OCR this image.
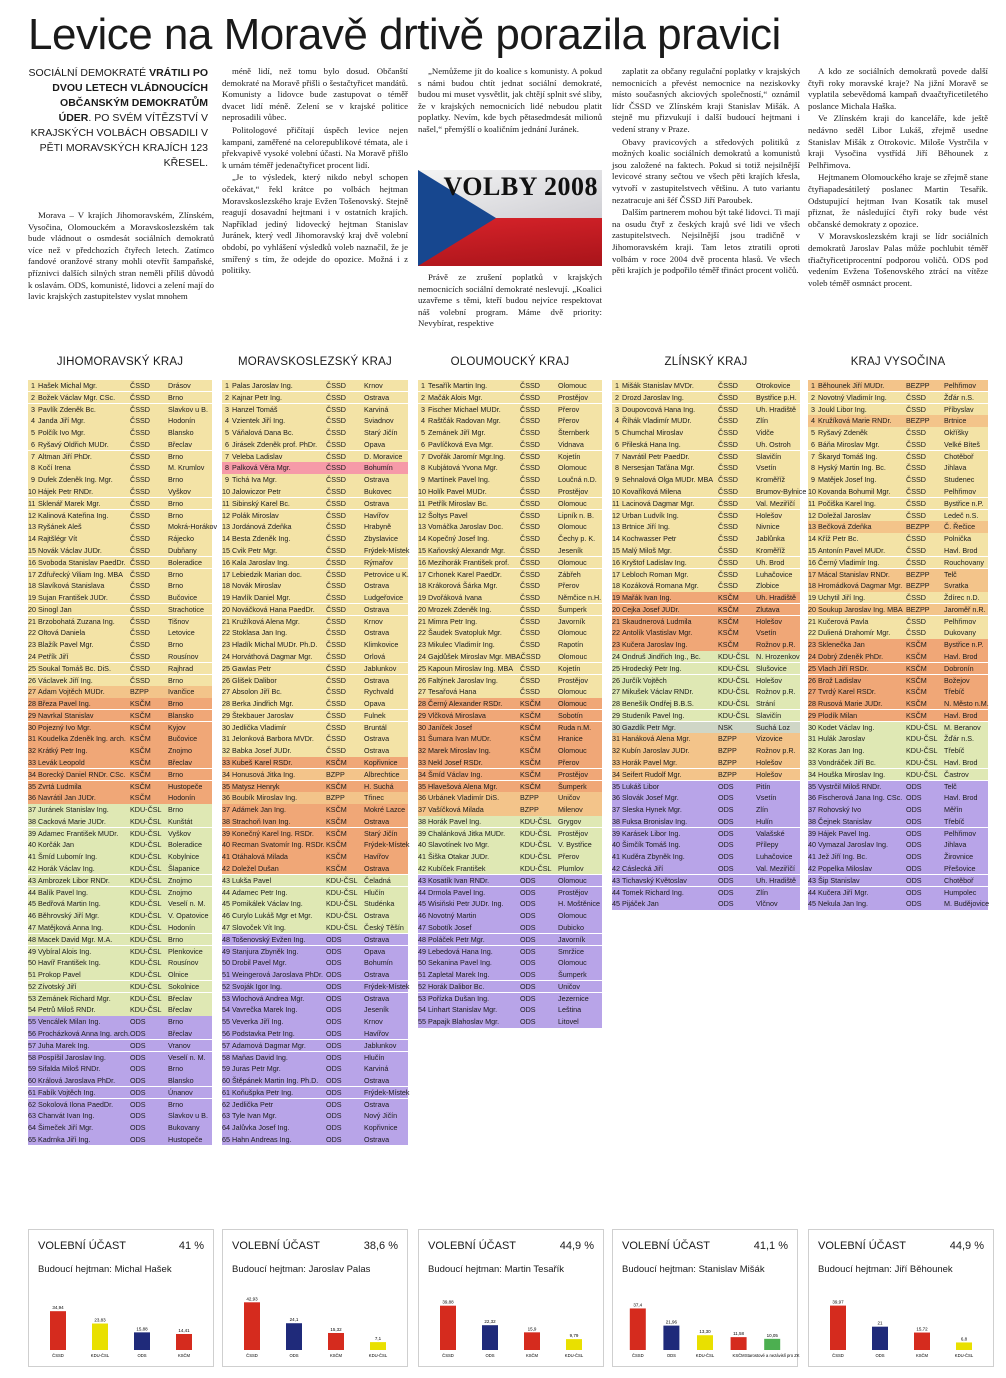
Levice na Moravě drtivě porazila pravici
SOCIÁLNÍ DEMOKRATÉ VRÁTILI PO DVOU LETECH VLÁDNOUCÍCH OBČANSKÝM DEMOKRATŮM ÚDER. PO SVÉM VÍTĚZSTVÍ V KRAJSKÝCH VOLBÁCH OBSADILI V PĚTI MORAVSKÝCH KRAJÍCH 123 KŘESEL.

Morava – V krajích Jihomoravském, Zlínském, Vysočina, Olomouckém a Moravskoslezském tak bude vládnout o osmdesát sociálních demokratů více než v předchozích čtyřech letech. Zatímco fandové oranžové strany mohli otevřít šampaňské, příznivci dalších silných stran neměli příliš důvodů k oslavám. ODS, komunisté, lidovci a zelení mají do lavic krajských zastupitelstev vyslat mnohem

méně lidí, než tomu bylo dosud. Občanští demokraté na Moravě přišli o šestačtyřicet mandátů. Komunisty a lidovce bude zastupovat o téměř dvacet lidí méně. Zelení se v krajské politice neprosadili vůbec.

Politologové přičítají úspěch levice nejen kampani, zaměřené na celorepublikové témata, ale i překvapivě vysoké volební účasti. Na Moravě přišlo k urnám téměř jedenačtyřicet procent lidí.

„Je to výsledek, který nikdo nebyl schopen očekávat,“ řekl krátce po volbách hejtman Moravskoslezského kraje Evžen Tošenovský. Stejně reagují dosavadní hejtmani i v ostatních krajích. Například jediný lidovecký hejtman Stanislav Juránek, který vedl Jihomoravský kraj dvě volební období, po vyhlášení výsledků voleb naznačil, že je smířený s tím, že odejde do opozice. Možná i z politiky.

„Nemůžeme jít do koalice s komunisty. A pokud s námi budou chtít jednat sociální demokraté, budou mi muset vysvětlit, jak chtějí splnit své sliby, že v krajských nemocnicích lidé nebudou platit poplatky. Nevím, kde bych pětasedmdesát milionů našel,“ přemýšlí o koaličním jednání Juránek.

VOLBY 2008

Právě ze zrušení poplatků v krajských nemocnicích sociální demokraté neslevují. „Koalici uzavřeme s těmi, kteří budou nejvíce respektovat náš volební program. Máme dvě priority: Nevybírat, respektive

zaplatit za občany regulační poplatky v krajských nemocnicích a převést nemocnice na neziskovky místo současných akciových společností,“ oznámil lídr ČSSD ve Zlínském kraji Stanislav Mišák. A stejně mu přizvukují i další budoucí hejtmani i vedení strany v Praze.

Obavy pravicových a středových politiků z možných koalic sociálních demokratů a komunistů jsou založené na faktech. Pokud si totiž nejsilnější levicové strany sečtou ve všech pěti krajích křesla, vytvoří v zastupitelstvech většinu. A tuto variantu nezatracuje ani šéf ČSSD Jiří Paroubek.

Dalším partnerem mohou být také lidovci. Ti mají na osudu čtyř z českých krajů své lidi ve všech zastupitelstvech. Nejsilnější jsou tradičně v Jihomoravském kraji. Tam letos ztratili oproti volbám v roce 2004 dvě procenta hlasů. Ve všech pěti krajích je podpořilo téměř třináct procent voličů.

A kdo ze sociálních demokratů povede další čtyři roky moravské kraje? Na jižní Moravě se vyplatila sebevědomá kampaň dvaačtyřicetiletého poslance Michala Haška.

Ve Zlínském kraji do kanceláře, kde ještě nedávno seděl Libor Lukáš, zřejmě usedne Stanislav Mišák z Otrokovic. Miloše Vystrčila v kraji Vysočina vystřídá Jiří Běhounek z Pelhřimova.

Hejtmanem Olomouckého kraje se zřejmě stane čtyřiapadesátiletý poslanec Martin Tesařík. Odstupující hejtman Ivan Kosatík tak musel přiznat, že následující čtyři roky bude vést občanské demokraty z opozice.

V Moravskoslezském kraji se lídr sociálních demokratů Jaroslav Palas může pochlubit téměř třiačtyřicetiprocentní podporou voličů. ODS pod vedením Evžena Tošenovského ztrácí na vítěze voleb téměř osmnáct procent.

JIHOMORAVSKÝ KRAJ
1 Hašek Michal Mgr.	ČSSD	Drásov
2 Božek Václav Mgr. CSc.	ČSSD	Brno
3 Pavlík Zdeněk Bc.	ČSSD	Slavkov u B.
4 Janda Jiří Mgr.	ČSSD	Hodonín
5 Polčík Ivo Mgr.	ČSSD	Blansko
6 Ryšavý Oldřich MUDr.	ČSSD	Břeclav
7 Altman Jiří PhDr.	ČSSD	Brno
8 Kočí Irena	ČSSD	M. Krumlov
9 Dufek Zdeněk Ing. Mgr.	ČSSD	Brno
10 Hájek Petr RNDr.	ČSSD	Vyškov
11 Sklenář Marek Mgr.	ČSSD	Brno
12 Kalinová Kateřina Ing.	ČSSD	Brno
13 Ryšánek Aleš	ČSSD	Mokrá-Horákov
14 Rajtšlégr Vít	ČSSD	Rájecko
15 Novák Václav JUDr.	ČSSD	Dubňany
16 Svoboda Stanislav PaedDr. ČSSD	Boleradice
17 Zdřuřecký Viliam Ing. MBA ČSSD	Brno
18 Slavíková Stanislava	ČSSD	Brno
19 Sujan František JUDr.	ČSSD	Bučovice
20 Sinogl Jan	ČSSD	Strachotice
21 Brzobohatá Zuzana Ing.	ČSSD	Tišnov
22 Oltová Daniela	ČSSD	Letovice
23 Blažík Pavel Mgr.	ČSSD	Brno
24 Petřík Jiří	ČSSD	Rousínov
25 Soukal Tomáš Bc. DiS.	ČSSD	Rajhrad
26 Václavek Jiří Ing.	ČSSD	Brno
27 Adam Vojtěch MUDr.	BZPP	Ivančice
28 Březa Pavel Ing.	KSČM	Brno
29 Navrkal Stanislav	KSČM	Blansko
30 Pojezný Ivo Mgr.	KSČM	Kyjov
31 Koudelka Zdeněk Ing. arch. KSČM	Bučovice
32 Krátký Petr Ing.	KSČM	Znojmo
33 Levák Leopold	KSČM	Břeclav
34 Borecký Daniel RNDr. CSc. KSČM	Brno
35 Zvrtá Ludmila	KSČM	Hustopeče
36 Navrátil Jan JUDr.	KSČM	Hodonín
37 Juránek Stanislav Ing.	KDU-ČSL Brno
38 Cacková Marie JUDr.	KDU-ČSL Kunštát
39 Adamec František MUDr.	KDU-ČSL Vyškov
40 Korčák Jan	KDU-ČSL Boleradice
41 Šmíd Lubomír Ing.	KDU-ČSL Kobylnice
42 Horák Václav Ing.	KDU-ČSL Šlapanice
43 Ambrozek Libor RNDr.	KDU-ČSL Znojmo
44 Balík Pavel Ing.	KDU-ČSL Znojmo
45 Bedřová Martin Ing.	KDU-ČSL Veselí n. M.
46 Běhrovský Jiří Mgr.	KDU-ČSL V. Opatovice
47 Matějková Anna Ing.	KDU-ČSL Hodonín
48 Macek David Mgr. M.A.	KDU-ČSL Brno
49 Vybíral Alois Ing.	KDU-ČSL Plenkovice
50 Havíř František Ing.	KDU-ČSL Rousínov
51 Prokop Pavel	KDU-ČSL Olnice
52 Zívotský Jiří	KDU-ČSL Sokolnice
53 Zemánek Richard Mgr.	KDU-ČSL Břeclav
54 Petrů Miloš RNDr.	KDU-ČSL Břeclav
55 Vencálek Milan Ing.	ODS	Brno
56 Procházková Anna Ing. arch. ODS	Břeclav
57 Juha Marek Ing.	ODS	Vranov
58 Pospíšil Jaroslav Ing.	ODS	Veselí n. M.
59 Sifalda Miloš RNDr.	ODS	Brno
60 Králová Jaroslava PhDr.	ODS	Blansko
61 Fabík Vojtěch Ing.	ODS	Únanov
62 Sokolová Ilona PaedDr.	ODS	Brno
63 Chanvát Ivan Ing.	ODS	Slavkov u B.
64 Šimeček Jiří Mgr.	ODS	Bukovany
65 Kadrnka Jiří Ing.	ODS	Hustopeče
MORAVSKOSLEZSKÝ KRAJ
1 Palas Jaroslav Ing.	ČSSD	Krnov
2 Kajnar Petr Ing.	ČSSD	Ostrava
3 Hanzel Tomáš	ČSSD	Karviná
4 Vzientek Jiří Ing.	ČSSD	Sviadnov
5 Váňalová Dana Bc.	ČSSD	Starý Jičín
6 Jirásek Zdeněk prof. PhDr.	ČSSD	Opava
7 Veleba Ladislav	ČSSD	D. Moravice
8 Palková Věra Mgr.	ČSSD	Bohumín
9 Tichá Iva Mgr.	ČSSD	Ostrava
10 Jalowiczor Petr	ČSSD	Bukovec
11 Sibinský Karel Bc.	ČSSD	Ostrava
12 Polák Miroslav	ČSSD	Havířov
13 Jordánová Zdeňka	ČSSD	Hrabyně
14 Besta Zdeněk Ing.	ČSSD	Zbyslavice
15 Cvik Petr Mgr.	ČSSD	Frýdek-Místek
16 Kala Jaroslav Ing.	ČSSD	Rýmařov
17 Lebiedzik Marian doc.	ČSSD	Petrovice u K.
18 Novák Miroslav	ČSSD	Ostrava
19 Havlík Daniel Mgr.	ČSSD	Ludgeřovice
20 Nováčková Hana PaedDr.	ČSSD	Ostrava
21 Kružíková Alena Mgr.	ČSSD	Krnov
22 Stoklasa Jan Ing.	ČSSD	Ostrava
23 Hladík Michal MUDr. Ph.D.	ČSSD	Klimkovice
24 Horváthová Dagmar Mgr.	ČSSD	Orlová
25 Gawlas Petr	ČSSD	Jablunkov
26 Glišek Dalibor	ČSSD	Ostrava
27 Absolon Jiří Bc.	ČSSD	Rychvald
28 Berka Jindřich Mgr.	ČSSD	Opava
29 Štekbauer Jaroslav	ČSSD	Fulnek
30 Jedlička Vladimír	ČSSD	Bruntál
31 Jelonková Barbora MVDr.	ČSSD	Ostrava
32 Babka Josef JUDr.	ČSSD	Ostrava
33 Kubeš Karel RSDr.	KSČM	Kopřivnice
34 Honusová Jitka Ing.	BZPP	Albrechtice
35 Matysz Henryk	KSČM	H. Suchá
36 Boubík Miroslav Ing.	BZPP	Třinec
37 Adámek Jan Ing.	KSČM	Mokré Lazce
38 Strachoň Ivan Ing.	KSČM	Ostrava
39 Konečný Karel Ing. RSDr.	KSČM	Starý Jičín
40 Recman Svatomír Ing. RSDr. KSČM	Frýdek-Místek
41 Otáhalová Milada	KSČM	Havířov
42 Doležel Dušan	KSČM	Ostrava
43 Lukša Pavel	KDU-ČSL Čeladná
44 Adamec Petr Ing.	KDU-ČSL Hlučín
45 Pomikálek Václav Ing.	KDU-ČSL Studénka
46 Curylo Lukáš Mgr et Mgr.	KDU-ČSL Ostrava
47 Slovoček Vít Ing.	KDU-ČSL Český Těšín
48 Tošenovský Evžen Ing.	ODS	Ostrava
49 Stanjura Zbyněk Ing.	ODS	Opava
50 Drobil Pavel Mgr.	ODS	Bohumín
51 Weingerová Jaroslava PhDr. ODS	Ostrava
52 Svoják Igor Ing.	ODS	Frýdek-Místek
53 Wlochová Andrea Mgr.	ODS	Ostrava
54 Vavrečka Marek Ing.	ODS	Jeseník
55 Veverka Jiří Ing.	ODS	Krnov
56 Podstavka Petr Ing.	ODS	Havířov
57 Adamová Dagmar Mgr.	ODS	Jablunkov
58 Maňas David Ing.	ODS	Hlučín
59 Juras Petr Mgr.	ODS	Karviná
60 Štěpánek Martin Ing. Ph.D.	ODS	Ostrava
61 Koňušpka Petr Ing.	ODS	Frýdek-Místek
62 Jedlička Petr	ODS	Ostrava
63 Tyle Ivan Mgr.	ODS	Nový Jičín
64 Jalůvka Josef Ing.	ODS	Kopřivnice
65 Hahn Andreas Ing.	ODS	Ostrava
OLOUMOUCKÝ KRAJ
1 Tesařík Martin Ing.	ČSSD	Olomouc
2 Mačák Alois Mgr.	ČSSD	Prostějov
3 Fischer Michael MUDr.	ČSSD	Přerov
4 Raštčák Radovan Mgr.	ČSSD	Přerov
5 Zemánek Jiří Mgr.	ČSSD	Šternberk
6 Pavlíčková Eva Mgr.	ČSSD	Vidnava
7 Dvořák Jaromír Mgr.Ing.	ČSSD	Kojetín
8 Kubjátová Yvona Mgr.	ČSSD	Olomouc
9 Martínek Pavel Ing.	ČSSD	Loučná n.D.
10 Holík Pavel MUDr.	ČSSD	Prostějov
11 Petřík Miroslav Bc.	ČSSD	Olomouc
12 Šoltys Pavel	ČSSD	Lipník n. B.
13 Vomáčka Jaroslav Doc.	ČSSD	Olomouc
14 Kopečný Josef Ing.	ČSSD	Čechy p. K.
15 Kaňovský Alexandr Mgr.	ČSSD	Jeseník
16 Mezihorák František prof.	ČSSD	Olomouc
17 Crhonek Karel PaedDr.	ČSSD	Zábřeh
18 Krákorová Šárka Mgr.	ČSSD	Přerov
19 Dvořáková Ivana	ČSSD	Němčice n.H.
20 Mrozek Zdeněk Ing.	ČSSD	Šumperk
21 Mimra Petr Ing.	ČSSD	Javorník
22 Šaudek Svatopluk Mgr.	ČSSD	Olomouc
23 Mikulec Vladimír Ing.	ČSSD	Rapotín
24 Gajdůšek Miroslav Mgr. MBA ČSSD	Olomouc
25 Kapoun Miroslav Ing. MBA ČSSD	Kojetín
26 Faltýnek Jaroslav Ing.	ČSSD	Prostějov
27 Tesařová Hana	ČSSD	Olomouc
28 Černý Alexander RSDr.	KSČM	Olomouc
29 Vlčková Miroslava	KSČM	Sobotín
30 Janíček Josef	KSČM	Ruda n.M.
31 Šumara Ivan MUDr.	KSČM	Hranice
32 Marek Miroslav Ing.	KSČM	Olomouc
33 Nekl Josef RSDr.	KSČM	Přerov
34 Šmíd Václav Ing.	KSČM	Prostějov
35 Hlavešová Alena Mgr.	KSČM	Šumperk
36 Urbánek Vladimír DiS.	BZPP	Uničov
37 Vašíčková Milada	BZPP	Milenov
38 Horák Pavel Ing.	KDU-ČSL Grygov
39 Chalánková Jitka MUDr.	KDU-ČSL Prostějov
40 Slavotínek Ivo Mgr.	KDU-ČSL V. Bystřice
41 Šiška Otakar JUDr.	KDU-ČSL Přerov
42 Kubíček František	KDU-ČSL Plumlov
43 Kosatík Ivan RNDr.	ODS	Olomouc
44 Drmola Pavel Ing.	ODS	Prostějov
45 Wisiňski Petr JUDr. Ing.	ODS	H. Moštěnice
46 Novotný Martin	ODS	Olomouc
47 Sobotík Josef	ODS	Dubicko
48 Poláček Petr Mgr.	ODS	Javorník
49 Lebedová Hana Ing.	ODS	Smržice
50 Sekanina Pavel Ing.	ODS	Olomouc
51 Zapletal Marek Ing.	ODS	Šumperk
52 Horák Dalibor Bc.	ODS	Uničov
53 Pořízka Dušan Ing.	ODS	Jezernice
54 Linhart Stanislav Mgr.	ODS	Leština
55 Papajk Blahoslav Mgr.	ODS	Litovel
ZLÍNSKÝ KRAJ
1 Mišák Stanislav MVDr.	ČSSD	Otrokovice
2 Drozd Jaroslav Ing.	ČSSD	Bystřice p.H.
3 Doupovcová Hana Ing.	ČSSD	Uh. Hradiště
4 Říhák Vladimír MUDr.	ČSSD	Zlín
5 Chumchal Miroslav	ČSSD	Vidče
6 Přileská Hana Ing.	ČSSD	Uh. Ostroh
7 Navrátil Petr PaedDr.	ČSSD	Slavičín
8 Nersesjan Taťána Mgr.	ČSSD	Vsetín
9 Sehnalová Olga MUDr. MBA ČSSD	Kroměříž
10 Kovaříková Milena	ČSSD	Brumov-Bylnice
11 Lacinová Dagmar Mgr.	ČSSD	Val. Meziříčí
12 Urban Ludvík Ing.	ČSSD	Holešov
13 Brtnice Jiří Ing.	ČSSD	Nivnice
14 Kochwasser Petr	ČSSD	Jablůnka
15 Malý Miloš Mgr.	ČSSD	Kroměříž
16 Kryštof Ladislav Ing.	ČSSD	Uh. Brod
17 Lebloch Roman Mgr.	ČSSD	Luhačovice
18 Kozáková Romana Mgr.	ČSSD	Zlobice
19 Mařák Ivan Ing.	KSČM	Uh. Hradiště
20 Cejka Josef JUDr.	KSČM	Zlutava
21 Skaudnerová Ludmila	KSČM	Holešov
22 Antolík Vlastislav Mgr.	KSČM	Vsetín
23 Kučera Jaroslav Ing.	KSČM	Rožnov p.R.
24 Ondruš Jindřich Ing., Bc.	KDU-ČSL N. Hrozenkov
25 Hrodecký Petr Ing.	KDU-ČSL Slušovice
26 Jurčík Vojtěch	KDU-ČSL Holešov
27 Mikušek Václav RNDr.	KDU-ČSL Rožnov p.R.
28 Benešík Ondřej B.B.S.	KDU-ČSL Strání
29 Studeník Pavel Ing.	KDU-ČSL Slavičín
30 Gazdík Petr Mgr.	NSK	Suchá Loz
31 Hanáková Alena Mgr.	BZPP	Vizovice
32 Kubín Jaroslav JUDr.	BZPP	Rožnov p.R.
33 Horák Pavel Mgr.	BZPP	Holešov
34 Seifert Rudolf Mgr.	BZPP	Holešov
35 Lukáš Libor	ODS	Pitín
36 Slovák Josef Mgr.	ODS	Vsetín
37 Sleska Hynek Mgr.	ODS	Zlín
38 Fuksa Bronislav Ing.	ODS	Hulín
39 Karásek Libor Ing.	ODS	Valašské
40 Šimčík Tomáš Ing.	ODS	Přílepy
41 Kuděra Zbyněk Ing.	ODS	Luhačovice
42 Cáslecká Jiří	ODS	Val. Meziříčí
43 Tichavský Květoslav	ODS	Uh. Hradiště
44 Tomek Richard Ing.	ODS	Zlín
45 Pijáček Jan	ODS	Vlčnov
KRAJ VYSOČINA
1 Běhounek Jiří MUDr.	BEZPP	Pelhřimov
2 Novotný Vladimír Ing.	ČSSD	Žďár n.S.
3 Joukl Libor Ing.	ČSSD	Příbyslav
4 Kružíková Marie RNDr.	BEZPP	Brtnice
5 Ryšavý Zdeněk	ČSSD	Okříšky
6 Báňa Miroslav Mgr.	ČSSD	Velké Bíteš
7 Škaryd Tomáš Ing.	ČSSD	Chotěboř
8 Hyský Martin Ing. Bc.	ČSSD	Jihlava
9 Matějek Josef Ing.	ČSSD	Studenec
10 Kovanda Bohumil Mgr.	ČSSD	Pelhřimov
11 Počiška Karel Ing.	ČSSD	Bystřice n.P.
12 Doležal Jaroslav	ČSSD	Ledeč n.S.
13 Bečková Zdeňka	BEZPP	Č. Řečice
14 Kříž Petr Bc.	ČSSD	Polnička
15 Antonín Pavel MUDr.	ČSSD	Havl. Brod
16 Černý Vladimír Ing.	ČSSD	Rouchovany
17 Mácal Stanislav RNDr.	BEZPP	Telč
18 Hromádková Dagmar Mgr. BEZPP	Svratka
19 Uchytil Jiří Ing.	ČSSD	Ždírec n.D.
20 Soukup Jaroslav Ing. MBA BEZPP	Jaroměř n.R.
21 Kučerová Pavla	ČSSD	Pelhřimov
22 Duliená Drahomír Mgr.	ČSSD	Dukovany
23 Sklenečka Jan	KSČM	Bystřice n.P.
24 Dobrý Zdeněk PhDr.	KSČM	Havl. Brod
25 Vlach Jiří RSDr.	KSČM	Dobronín
26 Brož Ladislav	KSČM	Božejov
27 Tvrdý Karel RSDr.	KSČM	Třebíč
28 Rusová Marie JUDr.	KSČM	N. Město n.M.
29 Plodík Milan	KSČM	Havl. Brod
30 Kodet Václav Ing.	KDU-ČSL M. Beranov
31 Hulák Jaroslav	KDU-ČSL Žďár n.S.
32 Koras Jan Ing.	KDU-ČSL Třebíč
33 Vondráček Jiří Bc.	KDU-ČSL Havl. Brod
34 Houška Miroslav Ing.	KDU-ČSL Častrov
35 Vystrčil Miloš RNDr.	ODS	Telč
36 Fischerová Jana Ing. CSc. ODS	Havl. Brod
37 Rohovský Ivo	ODS	Měřín
38 Čejnek Stanislav	ODS	Třebíč
39 Hájek Pavel Ing.	ODS	Pelhřimov
40 Vymazal Jaroslav Ing.	ODS	Jihlava
41 Jež Jiří Ing. Bc.	ODS	Žirovnice
42 Popelka Miloslav	ODS	Přešovice
43 Šip Stanislav	ODS	Chotěboř
44 Kučera Jiří Mgr.	ODS	Humpolec
45 Nekula Jan Ing.	ODS	M. Budějovice
VOLEBNÍ ÚČAST	41 %
Budoucí hejtman: Michal Hašek
34,94
ČSSD
23,83
KDU-ČSL
15,88
ODS
14,41
KSČM
VOLEBNÍ ÚČAST	38,6 %
Budoucí hejtman: Jaroslav Palas
42,93
ČSSD
24,1
ODS
15,32
KSČM
7,1
KDU-ČSL
VOLEBNÍ ÚČAST	44,9 %
Budoucí hejtman: Martin Tesařík
39,88
ČSSD
22,32
ODS
15,9
KSČM
9,79
KDU-ČSL
VOLEBNÍ ÚČAST	41,1 %
Budoucí hejtman: Stanislav Mišák
37,4
ČSSD
21,96
ODS
13,30
KDU-ČSL
11,58
KSČM
10,05
Starostové a nezávislí pro ZK
VOLEBNÍ ÚČAST	44,9 %
Budoucí hejtman: Jiří Běhounek
39,97
ČSSD
21
ODS
15,72
KSČM
6,8
KDU-ČSL
